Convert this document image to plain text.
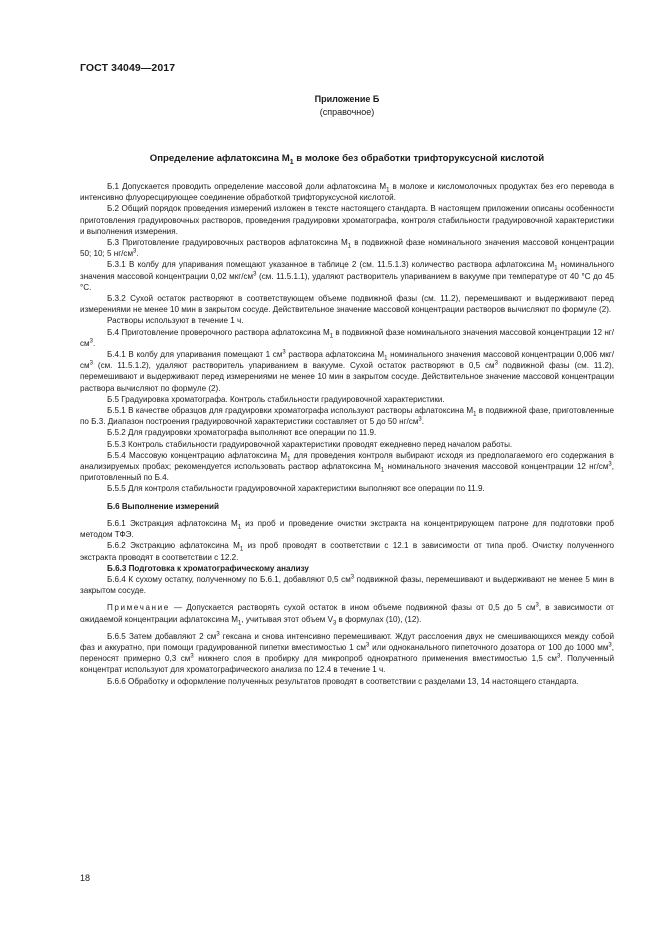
ГОСТ 34049—2017
Приложение Б
(справочное)
Определение афлатоксина $M_1$ в молоке без обработки трифторуксусной кислотой

Б.1 Допускается проводить определение массовой доли афлатоксина $M_1$ в молоке и кисломолочных продуктах без его перевода в интенсивно флуоресцирующее соединение обработкой трифторуксусной кислотой.

Б.2 Общий порядок проведения измерений изложен в тексте настоящего стандарта. В настоящем приложении описаны особенности приготовления градуировочных растворов, проведения градуировки хроматографа, контроля стабильности градуировочной характеристики и выполнения измерения.

Б.3 Приготовление градуировочных растворов афлатоксина $M_1$ в подвижной фазе номинального значения массовой концентрации 50; 10; 5 $нг/см^3$.

Б.3.1 В колбу для упаривания помещают указанное в таблице 2 (см. 11.5.1.3) количество раствора афлатоксина $M_1$ номинального значения массовой концентрации 0,02 мкг/$см^3$ (см. 11.5.1.1), удаляют растворитель упариванием в вакууме при температуре от 40 °С до 45 °С.

Б.3.2 Сухой остаток растворяют в соответствующем объеме подвижной фазы (см. 11.2), перемешивают и выдерживают перед измерениями не менее 10 мин в закрытом сосуде. Действительное значение массовой концентрации растворов вычисляют по формуле (2).

Растворы используют в течение 1 ч.

Б.4 Приготовление проверочного раствора афлатоксина $M_1$ в подвижной фазе номинального значения массовой концентрации 12 $нг/см^3$.

Б.4.1 В колбу для упаривания помещают 1 $см^3$ раствора афлатоксина $M_1$ номинального значения массовой концентрации 0,006 мкг/$см^3$ (см. 11.5.1.2), удаляют растворитель упариванием в вакууме. Сухой остаток растворяют в 0,5 $см^3$ подвижной фазы (см. 11.2), перемешивают и выдерживают перед измерениями не менее 10 мин в закрытом сосуде. Действительное значение массовой концентрации раствора вычисляют по формуле (2).

Б.5 Градуировка хроматографа. Контроль стабильности градуировочной характеристики.

Б.5.1 В качестве образцов для градуировки хроматографа используют растворы афлатоксина $M_1$ в подвижной фазе, приготовленные по Б.3. Диапазон построения градуировочной характеристики составляет от 5 до 50 $нг/см^3$.

Б.5.2 Для градуировки хроматографа выполняют все операции по 11.9.

Б.5.3 Контроль стабильности градуировочной характеристики проводят ежедневно перед началом работы.

Б.5.4 Массовую концентрацию афлатоксина $M_1$ для проведения контроля выбирают исходя из предполагаемого его содержания в анализируемых пробах; рекомендуется использовать раствор афлатоксина $M_1$ номинального значения массовой концентрации 12 $нг/см^3$, приготовленный по Б.4.

Б.5.5 Для контроля стабильности градуировочной характеристики выполняют все операции по 11.9.

Б.6 Выполнение измерений

Б.6.1 Экстракция афлатоксина $M_1$ из проб и проведение очистки экстракта на концентрирующем патроне для подготовки проб методом ТФЭ.

Б.6.2 Экстракцию афлатоксина $M_1$ из проб проводят в соответствии с 12.1 в зависимости от типа проб. Очистку полученного экстракта проводят в соответствии с 12.2.

Б.6.3 Подготовка к хроматографическому анализу

Б.6.4 К сухому остатку, полученному по Б.6.1, добавляют 0,5 $см^3$ подвижной фазы, перемешивают и выдерживают не менее 5 мин в закрытом сосуде.

Примечание — Допускается растворять сухой остаток в ином объеме подвижной фазы от 0,5 до 5 $см^3$, в зависимости от ожидаемой концентрации афлатоксина $M_1$, учитывая этот объем $V_3$ в формулах (10), (12).

Б.6.5 Затем добавляют 2 $см^3$ гексана и снова интенсивно перемешивают. Ждут расслоения двух не смешивающихся между собой фаз и аккуратно, при помощи градуированной пипетки вместимостью 1 $см^3$ или одноканального пипеточного дозатора от 100 до 1000 $мм^3$, переносят примерно 0,3 $см^3$ нижнего слоя в пробирку для микропроб однократного применения вместимостью 1,5 $см^3$. Полученный концентрат используют для хроматографического анализа по 12.4 в течение 1 ч.

Б.6.6 Обработку и оформление полученных результатов проводят в соответствии с разделами 13, 14 настоящего стандарта.

18
